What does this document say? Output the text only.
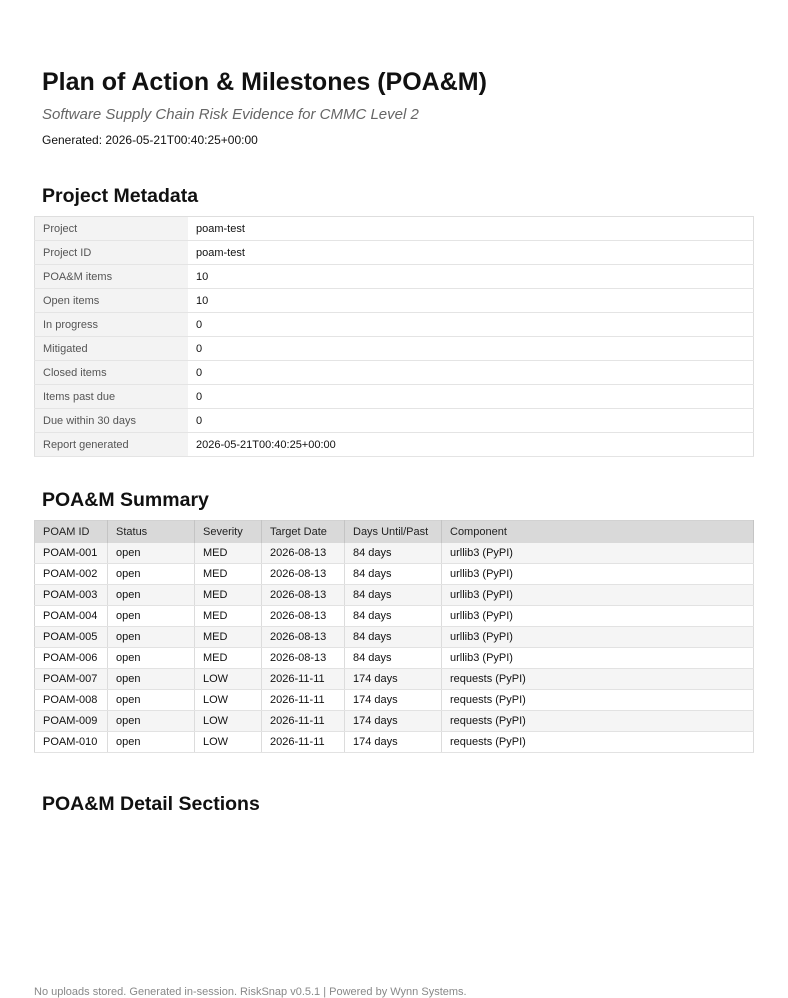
Plan of Action & Milestones (POA&M)

Software Supply Chain Risk Evidence for CMMC Level 2

Generated: 2026-05-21T00:40:25+00:00

Project Metadata
Project	poam-test
Project ID	poam-test
POA&M items	10
Open items	10
In progress	0
Mitigated	0
Closed items	0
Items past due	0
Due within 30 days	0
Report generated	2026-05-21T00:40:25+00:00
POA&M Summary
POAM ID	Status	Severity	Target Date	Days Until/Past	Component
POAM-001	open	MED	2026-08-13	84 days	urllib3 (PyPI)
POAM-002	open	MED	2026-08-13	84 days	urllib3 (PyPI)
POAM-003	open	MED	2026-08-13	84 days	urllib3 (PyPI)
POAM-004	open	MED	2026-08-13	84 days	urllib3 (PyPI)
POAM-005	open	MED	2026-08-13	84 days	urllib3 (PyPI)
POAM-006	open	MED	2026-08-13	84 days	urllib3 (PyPI)
POAM-007	open	LOW	2026-11-11	174 days	requests (PyPI)
POAM-008	open	LOW	2026-11-11	174 days	requests (PyPI)
POAM-009	open	LOW	2026-11-11	174 days	requests (PyPI)
POAM-010	open	LOW	2026-11-11	174 days	requests (PyPI)
POA&M Detail Sections

No uploads stored. Generated in-session. RiskSnap v0.5.1 | Powered by Wynn Systems.
